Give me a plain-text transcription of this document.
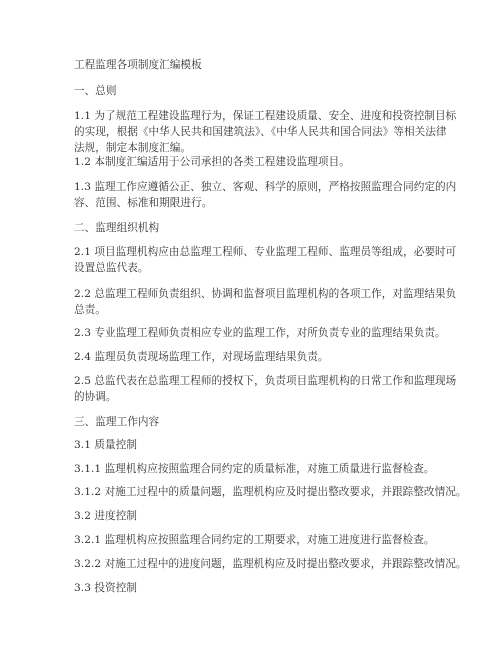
工程监理各项制度汇编模板
一、总则
1.1 为了规范工程建设监理行为，保证工程建设质量、安全、进度和投资控制目标
的实现，根据《中华人民共和国建筑法》、《中华人民共和国合同法》等相关法律
法规，制定本制度汇编。
1.2 本制度汇编适用于公司承担的各类工程建设监理项目。
1.3 监理工作应遵循公正、独立、客观、科学的原则，严格按照监理合同约定的内
容、范围、标准和期限进行。
二、监理组织机构
2.1 项目监理机构应由总监理工程师、专业监理工程师、监理员等组成，必要时可
设置总监代表。
2.2 总监理工程师负责组织、协调和监督项目监理机构的各项工作，对监理结果负
总责。
2.3 专业监理工程师负责相应专业的监理工作，对所负责专业的监理结果负责。
2.4 监理员负责现场监理工作，对现场监理结果负责。
2.5 总监代表在总监理工程师的授权下，负责项目监理机构的日常工作和监理现场
的协调。
三、监理工作内容
3.1 质量控制
3.1.1 监理机构应按照监理合同约定的质量标准，对施工质量进行监督检查。
3.1.2 对施工过程中的质量问题，监理机构应及时提出整改要求，并跟踪整改情况。
3.2 进度控制
3.2.1 监理机构应按照监理合同约定的工期要求，对施工进度进行监督检查。
3.2.2 对施工过程中的进度问题，监理机构应及时提出整改要求，并跟踪整改情况。
3.3 投资控制
